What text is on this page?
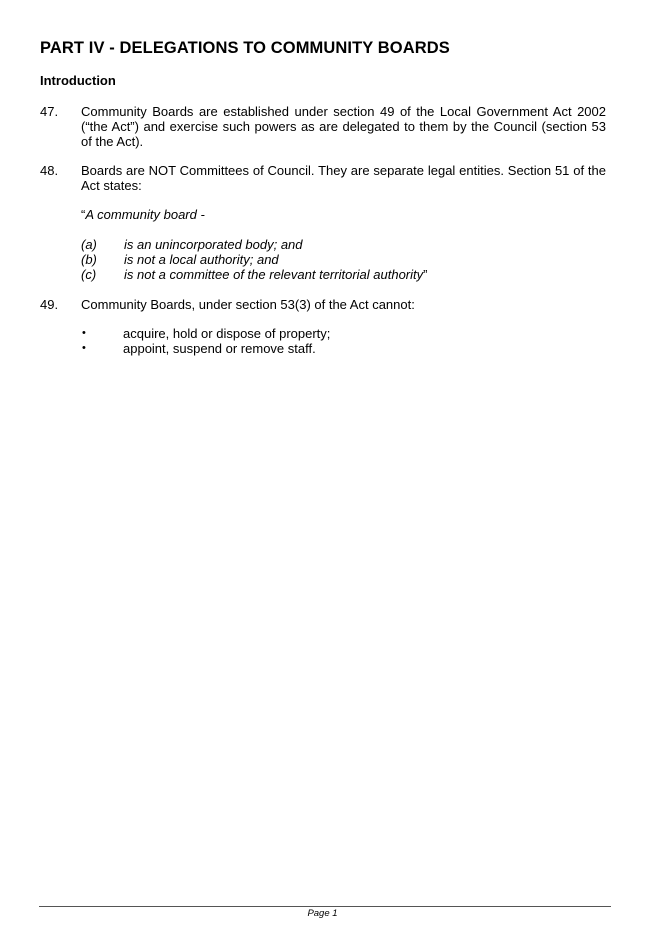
PART IV - DELEGATIONS TO COMMUNITY BOARDS
Introduction
47. Community Boards are established under section 49 of the Local Government Act 2002 (“the Act”) and exercise such powers as are delegated to them by the Council (section 53 of the Act).
48. Boards are NOT Committees of Council. They are separate legal entities. Section 51 of the Act states:
“A community board -
(a) is an unincorporated body; and
(b) is not a local authority; and
(c) is not a committee of the relevant territorial authority”
49. Community Boards, under section 53(3) of the Act cannot:
•	acquire, hold or dispose of property;
•	appoint, suspend or remove staff.
Page 1
